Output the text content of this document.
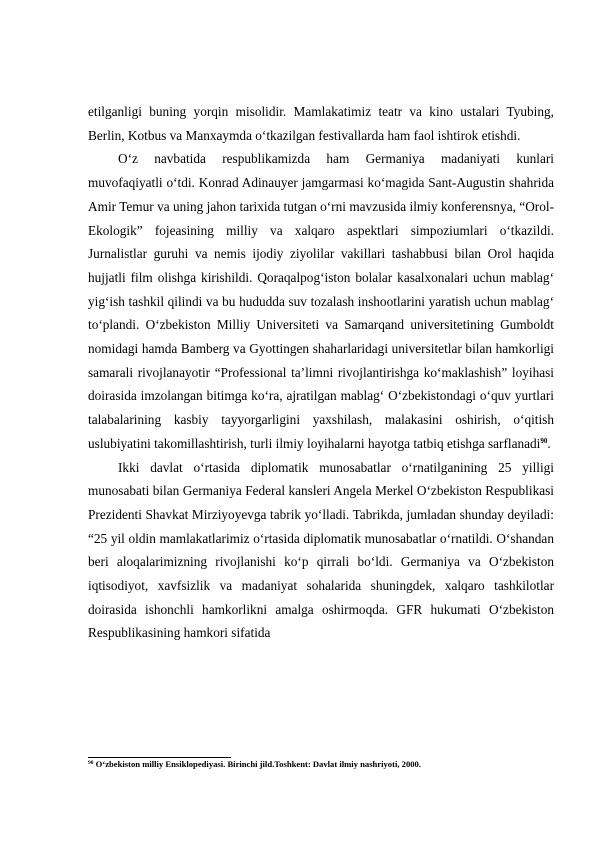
etilganligi buning yorqin misolidir. Mamlakatimiz teatr va kino ustalari Tyubing, Berlin, Kotbus va Manxaymda o‘tkazilgan festivallarda ham faol ishtirok etishdi.

O‘z navbatida respublikamizda ham Germaniya madaniyati kunlari muvofaqiyatli o‘tdi. Konrad Adinauyer jamgarmasi ko‘magida Sant-Augustin shahrida Amir Temur va uning jahon tarixida tutgan o‘rni mavzusida ilmiy konferensnya, “Orol-Ekologik” fojeasining milliy va xalqaro aspektlari simpoziumlari o‘tkazildi. Jurnalistlar guruhi va nemis ijodiy ziyolilar vakillari tashabbusi bilan Orol haqida hujjatli film olishga kirishildi. Qoraqalpog‘iston bolalar kasalxonalari uchun mablag‘ yig‘ish tashkil qilindi va bu hududda suv tozalash inshootlarini yaratish uchun mablag‘ to‘plandi. O‘zbekiston Milliy Universiteti va Samarqand universitetining Gumboldt nomidagi hamda Bamberg va Gyottingen shaharlaridagi universitetlar bilan hamkorligi samarali rivojlanayotir “Professional ta’limni rivojlantirishga ko‘maklashish” loyihasi doirasida imzolangan bitimga ko‘ra, ajratilgan mablag‘ O‘zbekistondagi o‘quv yurtlari talabalarining kasbiy tayyorgarligini yaxshilash, malakasini oshirish, o‘qitish uslubiyatini takomillashtirish, turli ilmiy loyihalarni hayotga tatbiq etishga sarflanadi$^{90}$.

Ikki davlat o‘rtasida diplomatik munosabatlar o‘rnatilganining 25 yilligi munosabati bilan Germaniya Federal kansleri Angela Merkel O‘zbekiston Respublikasi Prezidenti Shavkat Mirziyoyevga tabrik yo‘lladi. Tabrikda, jumladan shunday deyiladi: “25 yil oldin mamlakatlarimiz o‘rtasida diplomatik munosabatlar o‘rnatildi. O‘shandan beri aloqalarimizning rivojlanishi ko‘p qirrali bo‘ldi. Germaniya va O‘zbekiston iqtisodiyot, xavfsizlik va madaniyat sohalarida shuningdek, xalqaro tashkilotlar doirasida ishonchli hamkorlikni amalga oshirmoqda. GFR hukumati O‘zbekiston Respublikasining hamkori sifatida

$^{90}$ O‘zbekiston milliy Ensiklopediyasi. Birinchi jild.Toshkent: Davlat ilmiy nashriyoti, 2000.
